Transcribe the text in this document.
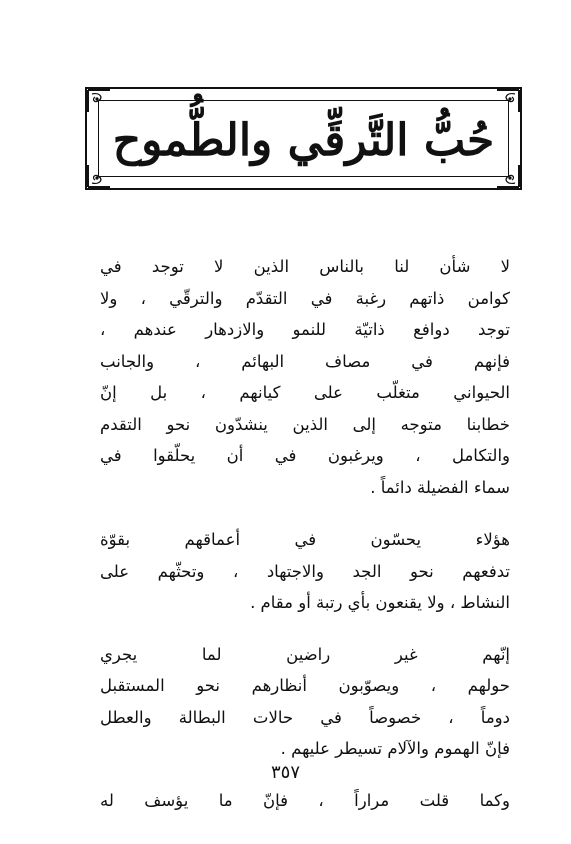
حُبُّ التَّرقِّي والطُّموح

لا شأن لنا بالناس الذين لا توجد في
كوامن ذاتهم رغبة في التقدّم والترقّي ، ولا
توجد دوافع ذاتيّة للنمو والازدهار عندهم ،
فإنهم في مصاف البهائم ، والجانب
الحيواني متغلّب على كيانهم ، بل إنّ
خطابنا متوجه إلى الذين ينشدّون نحو التقدم
والتكامل ، ويرغبون في أن يحلّقوا في
سماء الفضيلة دائماً .

هؤلاء يحسّون في أعماقهم بقوّة
تدفعهم نحو الجد والاجتهاد ، وتحثّهم على
النشاط ، ولا يقنعون بأي رتبة أو مقام .

إنّهم غير راضين لما يجري
حولهم ، ويصوّبون أنظارهم نحو المستقبل
دوماً ، خصوصاً في حالات البطالة والعطل
فإنّ الهموم والآلام تسيطر عليهم .

وكما قلت مراراً ، فإنّ ما يؤسف له

٣٥٧
